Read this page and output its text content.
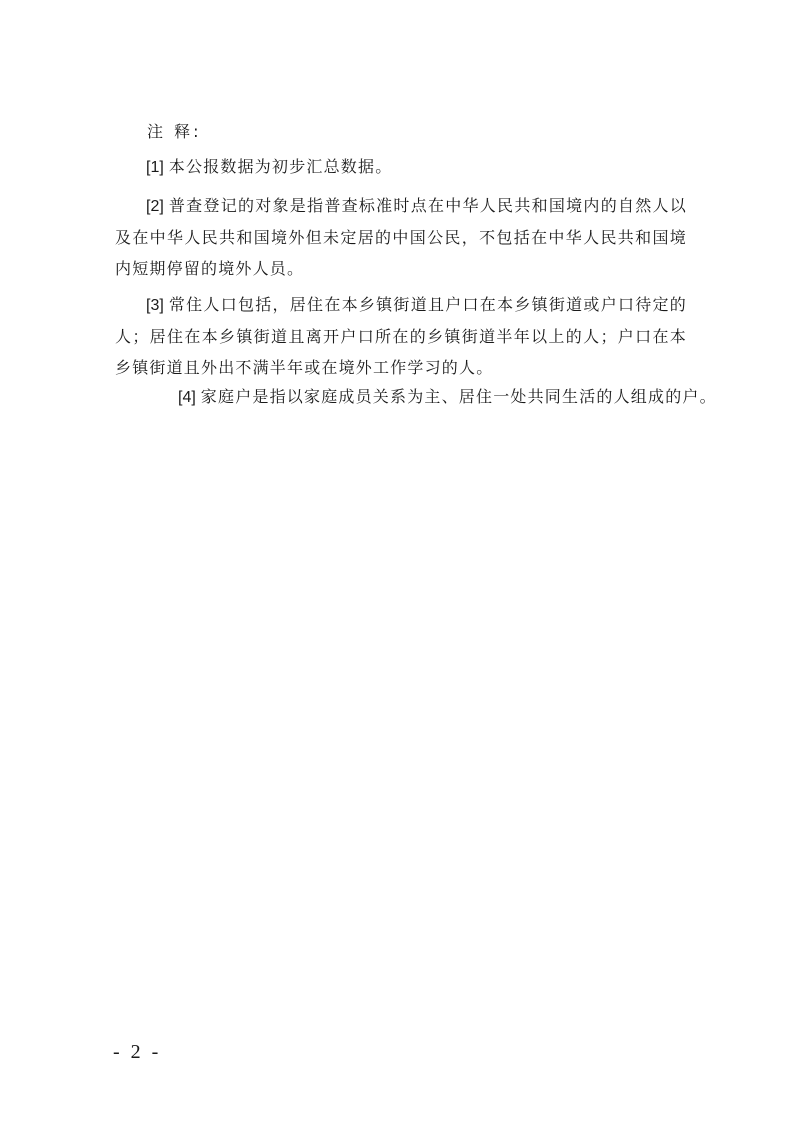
注 释:

[1] 本公报数据为初步汇总数据。

[2] 普查登记的对象是指普查标准时点在中华人民共和国境内的自然人以及在中华人民共和国境外但未定居的中国公民，不包括在中华人民共和国境内短期停留的境外人员。

[3] 常住人口包括，居住在本乡镇街道且户口在本乡镇街道或户口待定的人；居住在本乡镇街道且离开户口所在的乡镇街道半年以上的人；户口在本乡镇街道且外出不满半年或在境外工作学习的人。

[4] 家庭户是指以家庭成员关系为主、居住一处共同生活的人组成的户。

- 2 -
